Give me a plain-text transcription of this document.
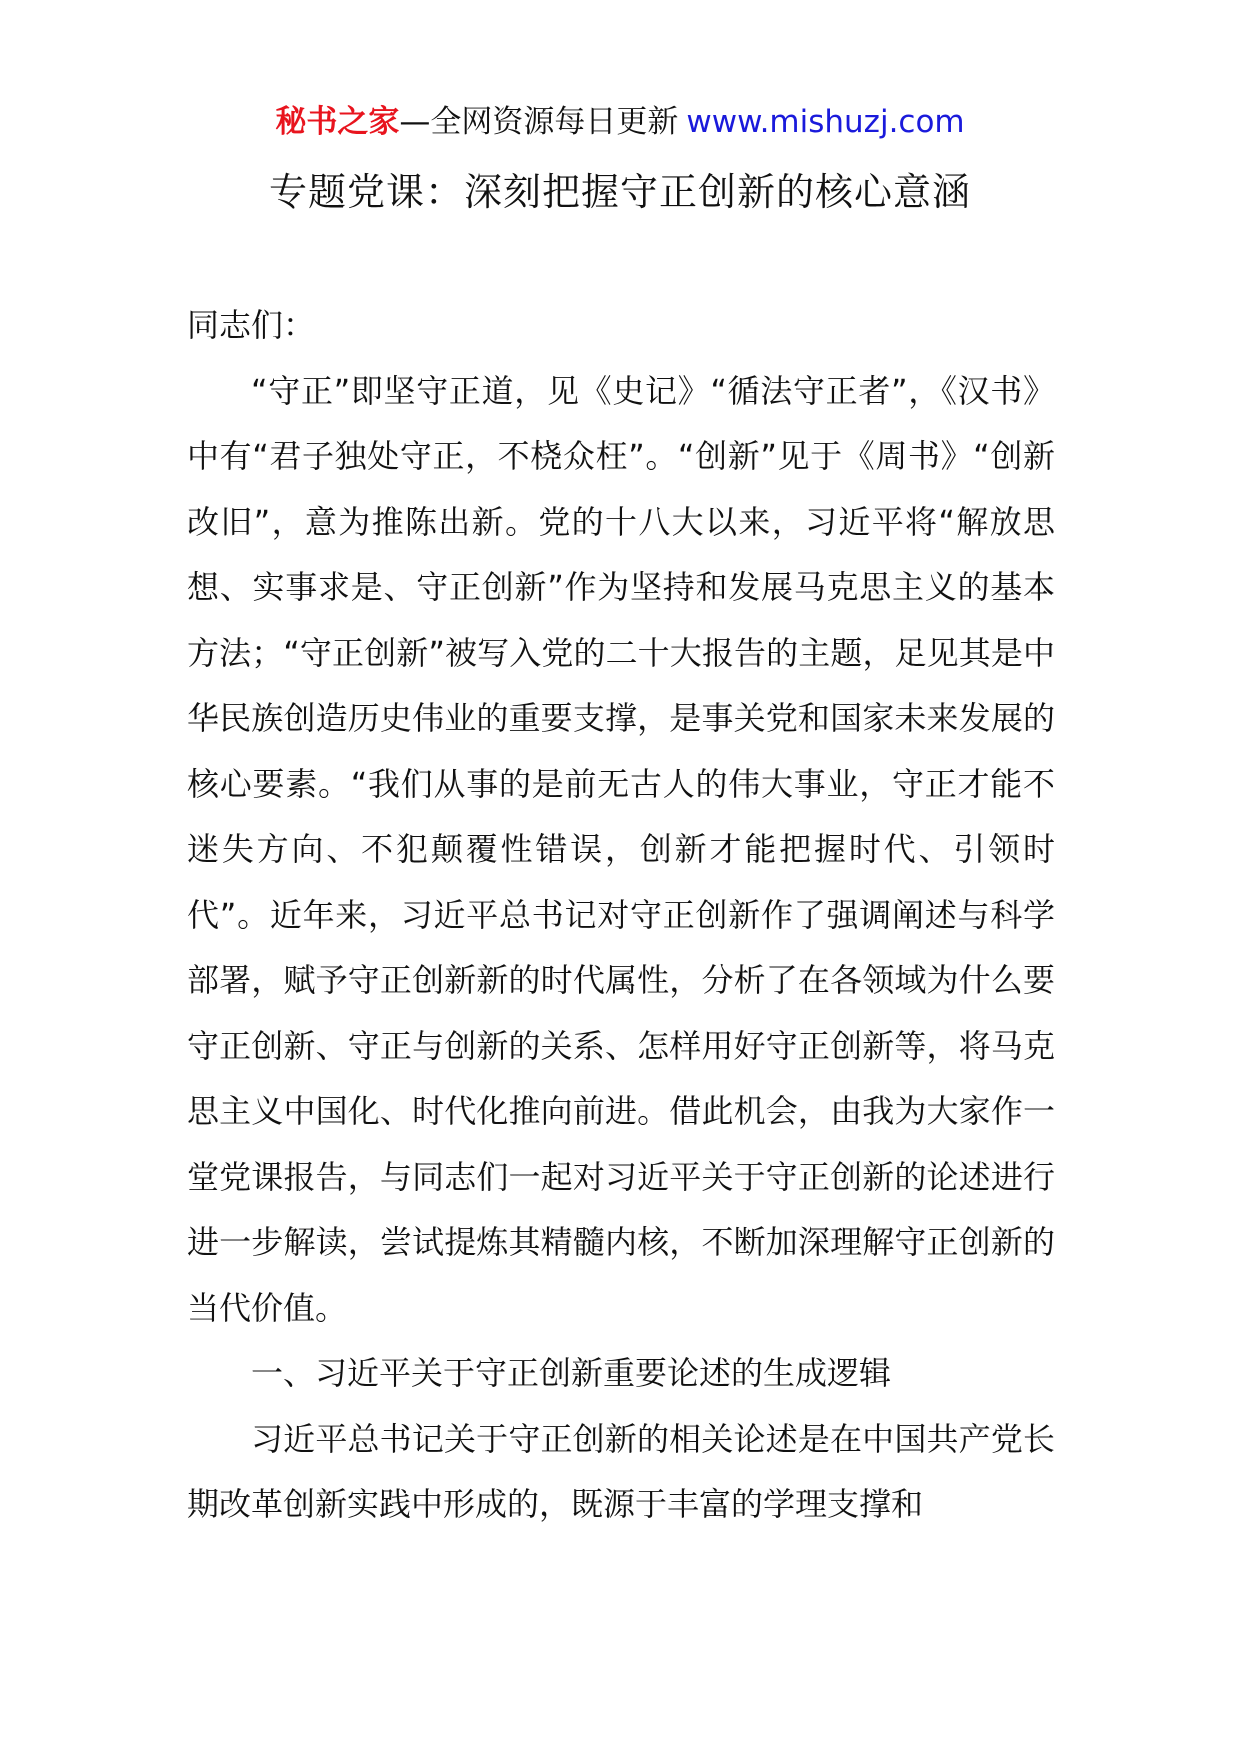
秘书之家—全网资源每日更新 www.mishuzj.com
专题党课：深刻把握守正创新的核心意涵

同志们：

“守正”即坚守正道，见《史记》“循法守正者”，《汉书》中有“君子独处守正，不桡众枉”。“创新”见于《周书》“创新改旧”，意为推陈出新。党的十八大以来，习近平将“解放思想、实事求是、守正创新”作为坚持和发展马克思主义的基本方法；“守正创新”被写入党的二十大报告的主题，足见其是中华民族创造历史伟业的重要支撑，是事关党和国家未来发展的核心要素。“我们从事的是前无古人的伟大事业，守正才能不迷失方向、不犯颠覆性错误，创新才能把握时代、引领时代”。近年来，习近平总书记对守正创新作了强调阐述与科学部署，赋予守正创新新的时代属性，分析了在各领域为什么要守正创新、守正与创新的关系、怎样用好守正创新等，将马克思主义中国化、时代化推向前进。借此机会，由我为大家作一堂党课报告，与同志们一起对习近平关于守正创新的论述进行进一步解读，尝试提炼其精髓内核，不断加深理解守正创新的当代价值。

一、习近平关于守正创新重要论述的生成逻辑

习近平总书记关于守正创新的相关论述是在中国共产党长期改革创新实践中形成的，既源于丰富的学理支撑和
